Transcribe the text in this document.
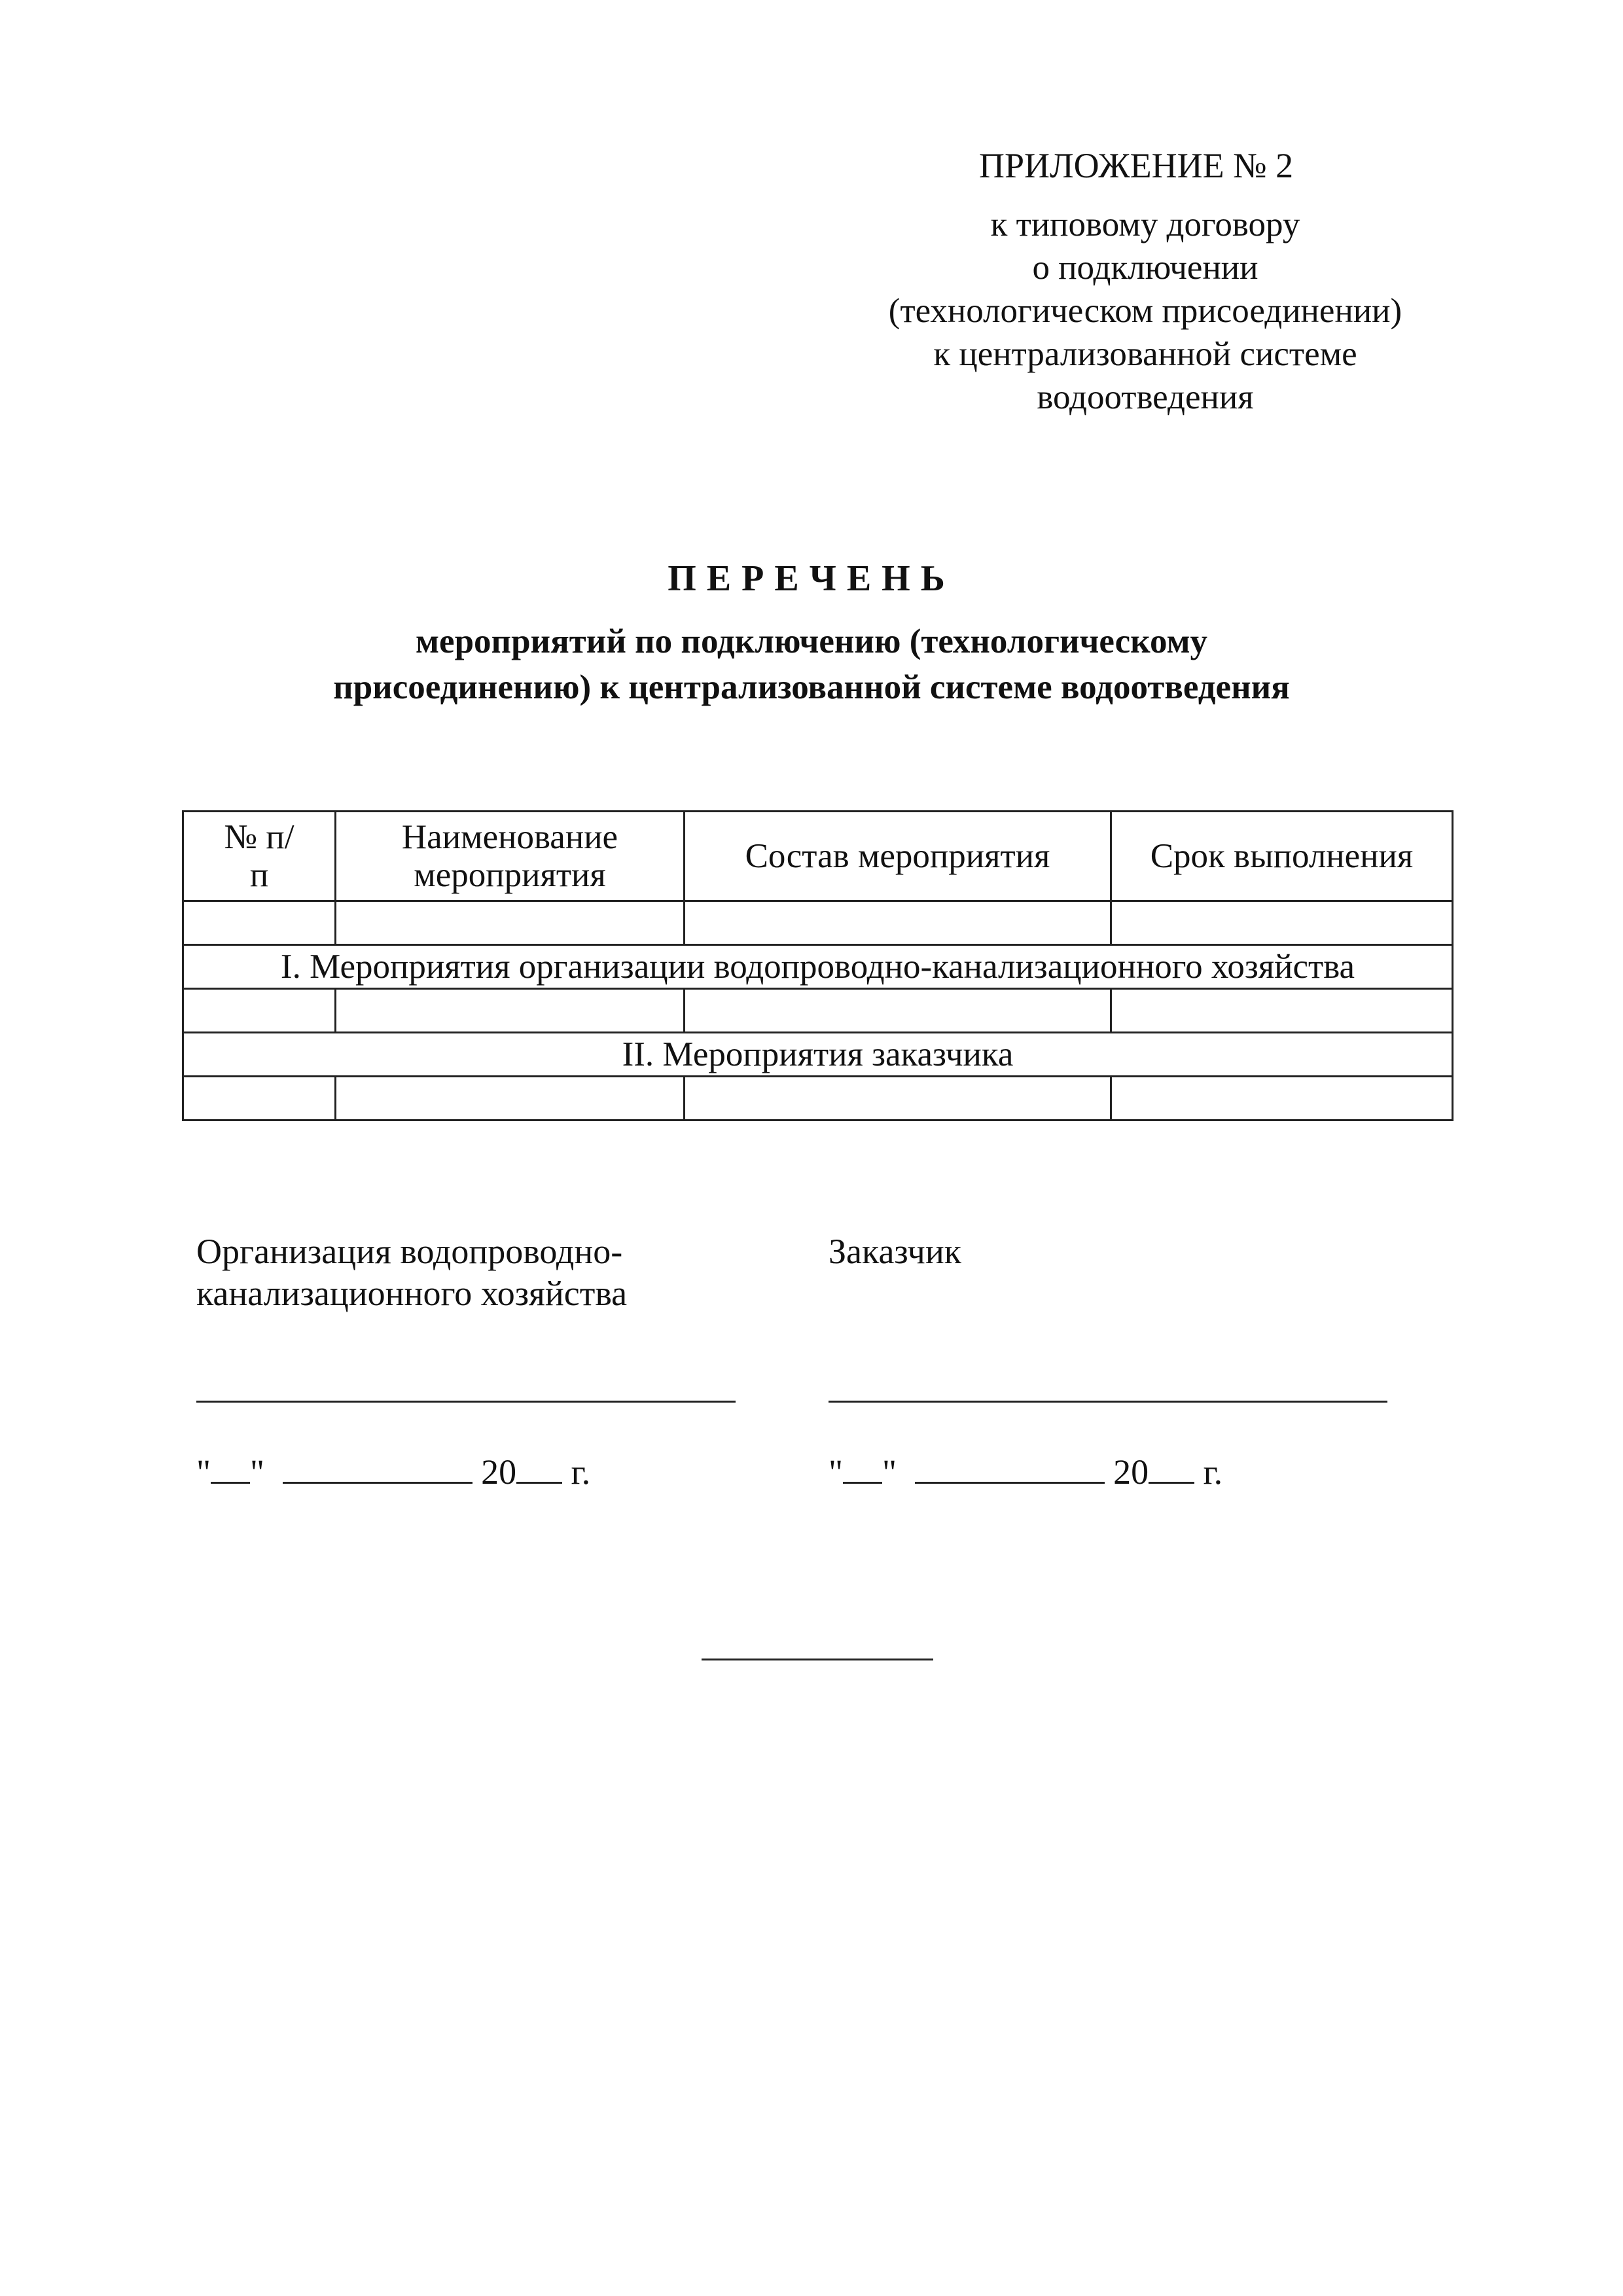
ПРИЛОЖЕНИЕ № 2
к типовому договору
о подключении
(технологическом присоединении)
к централизованной системе
водоотведения
ПЕРЕЧЕНЬ
мероприятий по подключению (технологическому
присоединению) к централизованной системе водоотведения
№ п/п	Наименование мероприятия	Состав мероприятия	Срок выполнения

I. Мероприятия организации водопроводно-канализационного хозяйства			

II. Мероприятия заказчика			

Организация водопроводно-
канализационного хозяйства
" "	20 г.
Заказчик
" "	20 г.
